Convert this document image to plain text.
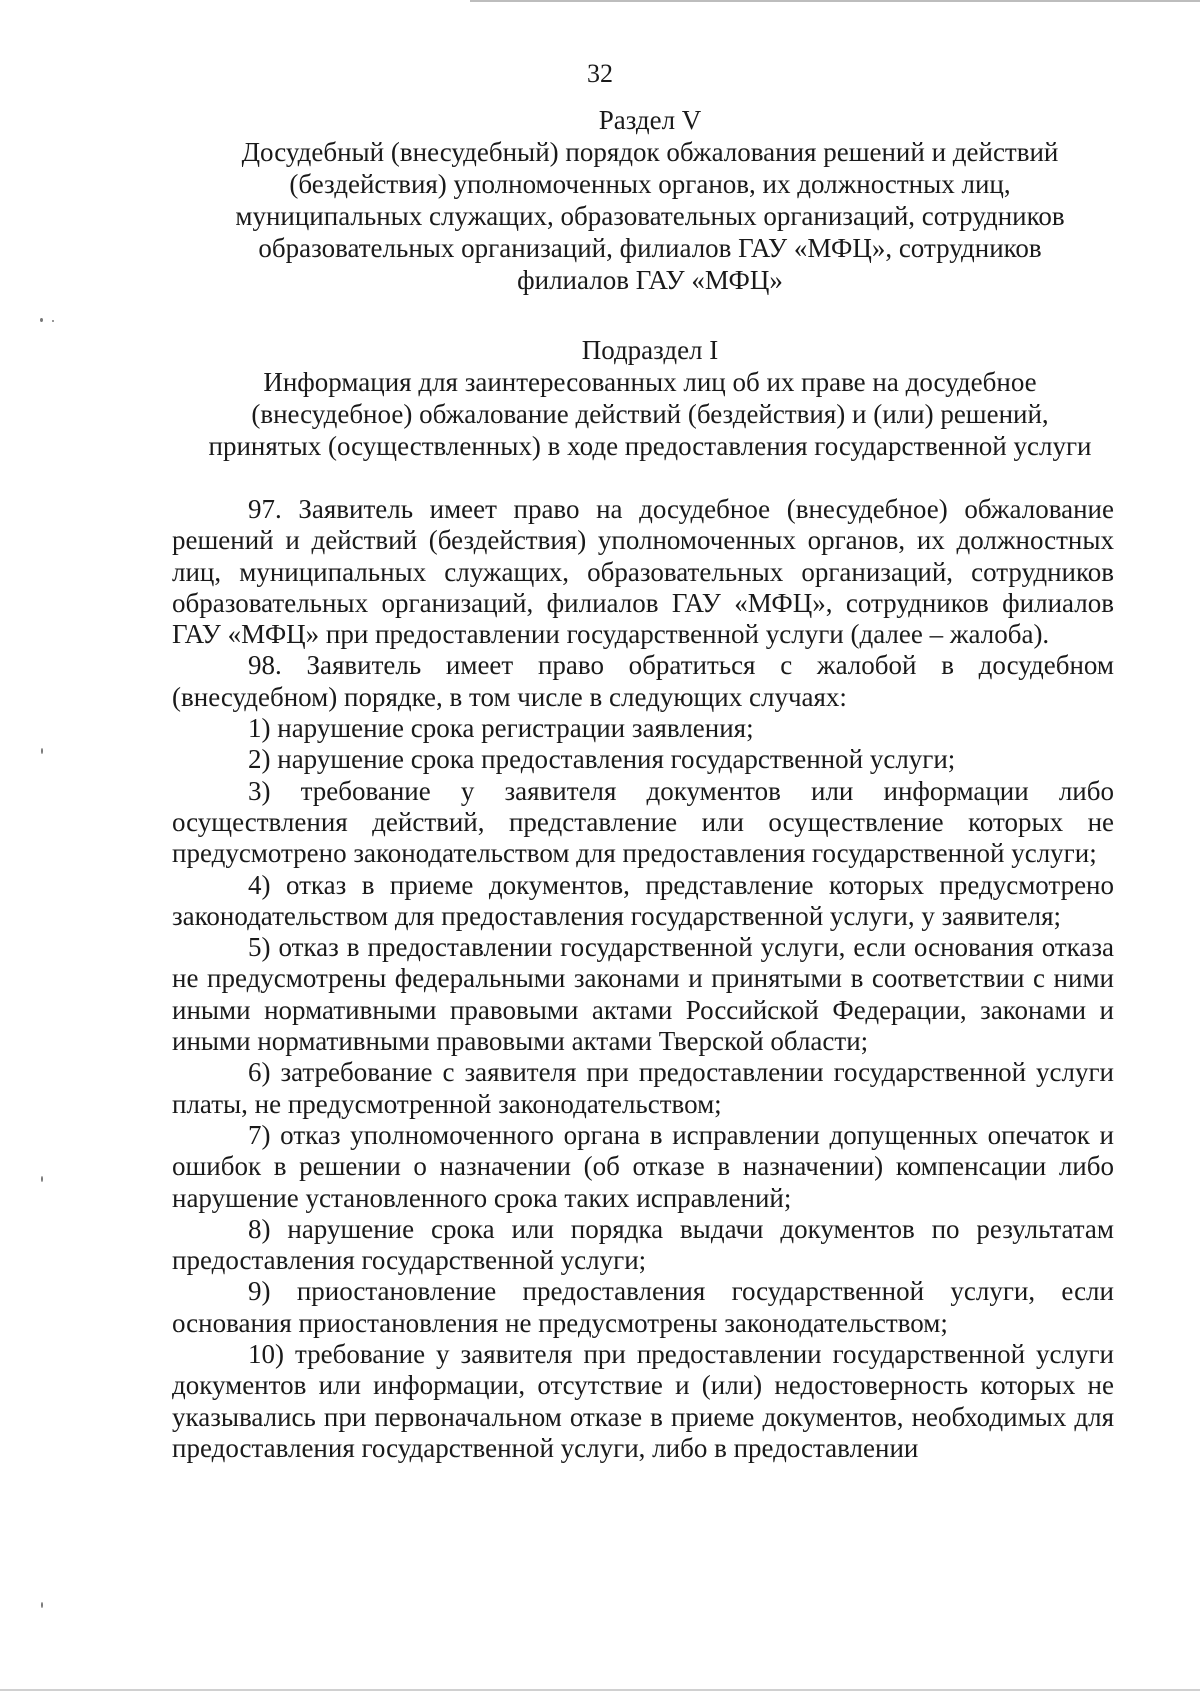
32
Раздел V
Досудебный (внесудебный) порядок обжалования решений и действий
(бездействия) уполномоченных органов, их должностных лиц,
муниципальных служащих, образовательных организаций, сотрудников
образовательных организаций, филиалов ГАУ «МФЦ», сотрудников
филиалов ГАУ «МФЦ»
Подраздел I
Информация для заинтересованных лиц об их праве на досудебное
(внесудебное) обжалование действий (бездействия) и (или) решений,
принятых (осуществленных) в ходе предоставления государственной услуги

97. Заявитель имеет право на досудебное (внесудебное) обжалование решений и действий (бездействия) уполномоченных органов, их должностных лиц, муниципальных служащих, образовательных организаций, сотрудников образовательных организаций, филиалов ГАУ «МФЦ», сотрудников филиалов ГАУ «МФЦ» при предоставлении государственной услуги (далее – жалоба).

98. Заявитель имеет право обратиться с жалобой в досудебном (внесудебном) порядке, в том числе в следующих случаях:

1) нарушение срока регистрации заявления;

2) нарушение срока предоставления государственной услуги;

3) требование у заявителя документов или информации либо осуществления действий, представление или осуществление которых не предусмотрено законодательством для предоставления государственной услуги;

4) отказ в приеме документов, представление которых предусмотрено законодательством для предоставления государственной услуги, у заявителя;

5) отказ в предоставлении государственной услуги, если основания отказа не предусмотрены федеральными законами и принятыми в соответствии с ними иными нормативными правовыми актами Российской Федерации, законами и иными нормативными правовыми актами Тверской области;

6) затребование с заявителя при предоставлении государственной услуги платы, не предусмотренной законодательством;

7) отказ уполномоченного органа в исправлении допущенных опечаток и ошибок в решении о назначении (об отказе в назначении) компенсации либо нарушение установленного срока таких исправлений;

8) нарушение срока или порядка выдачи документов по результатам предоставления государственной услуги;

9) приостановление предоставления государственной услуги, если основания приостановления не предусмотрены законодательством;

10) требование у заявителя при предоставлении государственной услуги документов или информации, отсутствие и (или) недостоверность которых не указывались при первоначальном отказе в приеме документов, необходимых для предоставления государственной услуги, либо в предоставлении
